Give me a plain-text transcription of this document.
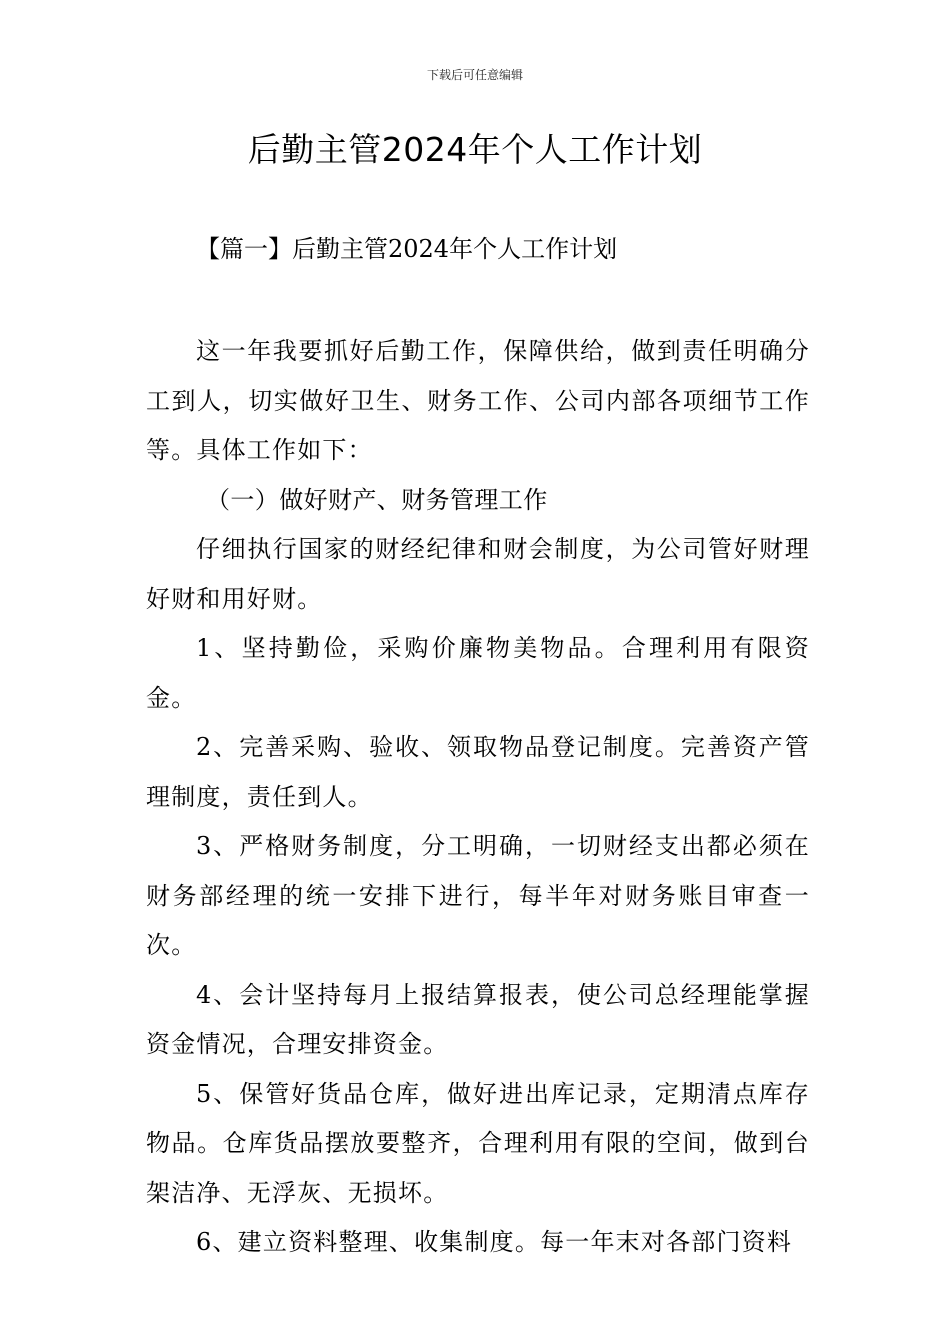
下载后可任意编辑
后勤主管2024年个人工作计划
【篇一】后勤主管2024年个人工作计划

这一年我要抓好后勤工作，保障供给，做到责任明确分工到人，切实做好卫生、财务工作、公司内部各项细节工作等。具体工作如下：

（一）做好财产、财务管理工作

仔细执行国家的财经纪律和财会制度，为公司管好财理好财和用好财。

1、坚持勤俭，采购价廉物美物品。合理利用有限资金。

2、完善采购、验收、领取物品登记制度。完善资产管理制度，责任到人。

3、严格财务制度，分工明确，一切财经支出都必须在财务部经理的统一安排下进行，每半年对财务账目审查一次。

4、会计坚持每月上报结算报表，使公司总经理能掌握资金情况，合理安排资金。

5、保管好货品仓库，做好进出库记录，定期清点库存物品。仓库货品摆放要整齐，合理利用有限的空间，做到台架洁净、无浮灰、无损坏。

6、建立资料整理、收集制度。每一年末对各部门资料
